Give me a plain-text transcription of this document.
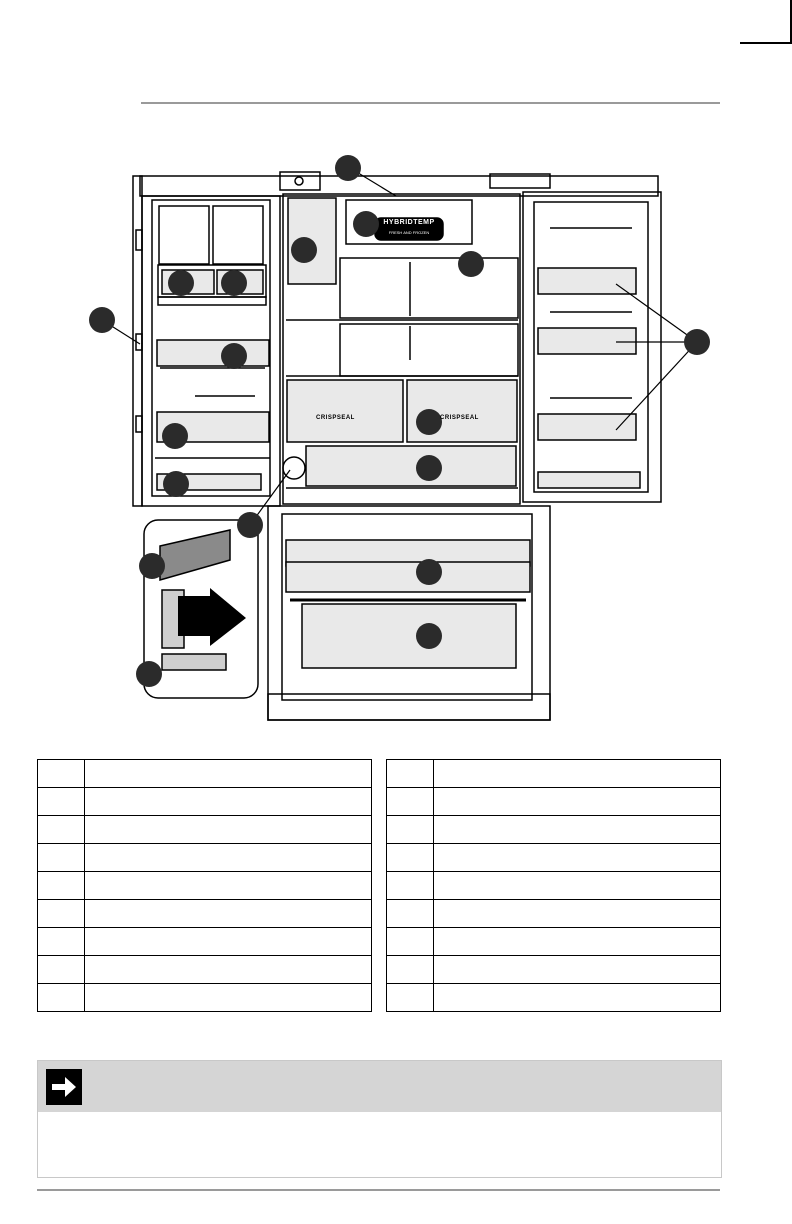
HYBRIDTEMP
FRESH AND FROZEN
CRISPSEAL	CRISPSEAL
